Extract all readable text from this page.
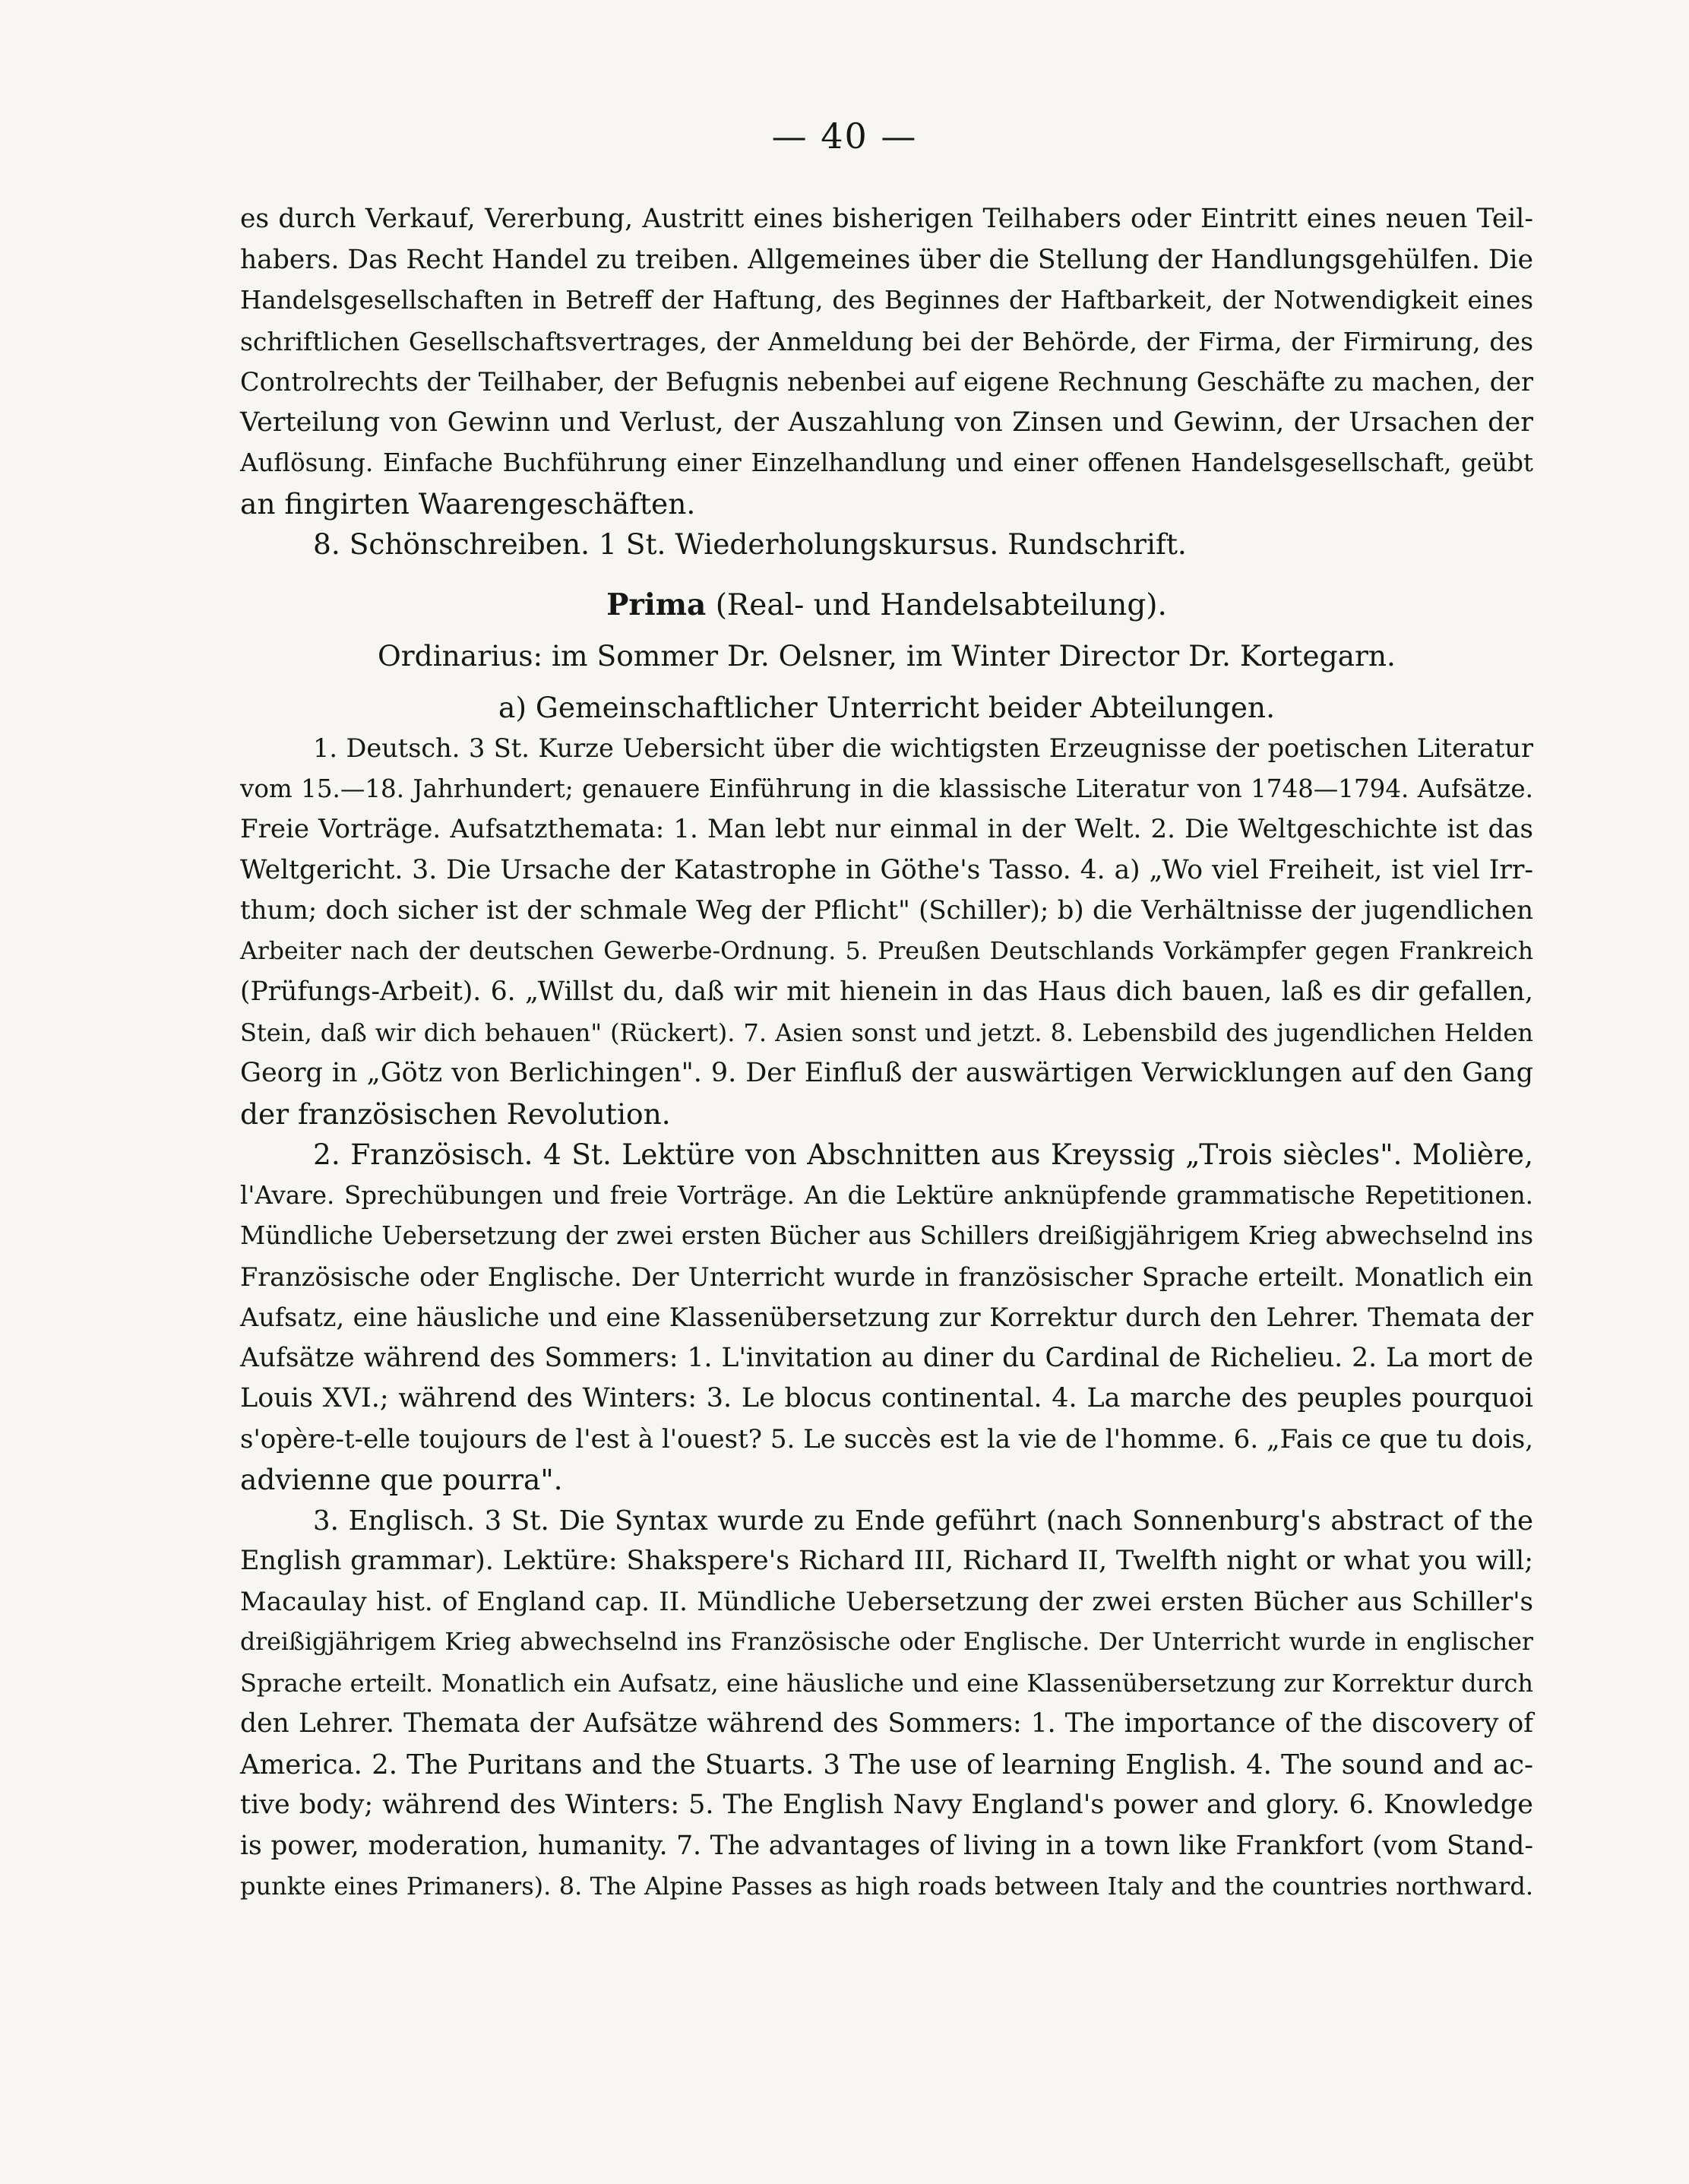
— 40 —
es durch Verkauf, Vererbung, Austritt eines bisherigen Teilhabers oder Eintritt eines neuen Teil-
habers. Das Recht Handel zu treiben. Allgemeines über die Stellung der Handlungsgehülfen. Die
Handelsgesellschaften in Betreff der Haftung, des Beginnes der Haftbarkeit, der Notwendigkeit eines
schriftlichen Gesellschaftsvertrages, der Anmeldung bei der Behörde, der Firma, der Firmirung, des
Controlrechts der Teilhaber, der Befugnis nebenbei auf eigene Rechnung Geschäfte zu machen, der
Verteilung von Gewinn und Verlust, der Auszahlung von Zinsen und Gewinn, der Ursachen der
Auflösung. Einfache Buchführung einer Einzelhandlung und einer offenen Handelsgesellschaft, geübt
an fingirten Waarengeschäften.
8. Schönschreiben. 1 St. Wiederholungskursus. Rundschrift.
Prima (Real- und Handelsabteilung).
Ordinarius: im Sommer Dr. Oelsner, im Winter Director Dr. Kortegarn.
a) Gemeinschaftlicher Unterricht beider Abteilungen.
1. Deutsch. 3 St. Kurze Uebersicht über die wichtigsten Erzeugnisse der poetischen Literatur
vom 15.—18. Jahrhundert; genauere Einführung in die klassische Literatur von 1748—1794. Aufsätze.
Freie Vorträge. Aufsatzthemata: 1. Man lebt nur einmal in der Welt. 2. Die Weltgeschichte ist das
Weltgericht. 3. Die Ursache der Katastrophe in Göthe's Tasso. 4. a) „Wo viel Freiheit, ist viel Irr-
thum; doch sicher ist der schmale Weg der Pflicht" (Schiller); b) die Verhältnisse der jugendlichen
Arbeiter nach der deutschen Gewerbe-Ordnung. 5. Preußen Deutschlands Vorkämpfer gegen Frankreich
(Prüfungs-Arbeit). 6. „Willst du, daß wir mit hienein in das Haus dich bauen, laß es dir gefallen,
Stein, daß wir dich behauen" (Rückert). 7. Asien sonst und jetzt. 8. Lebensbild des jugendlichen Helden
Georg in „Götz von Berlichingen". 9. Der Einfluß der auswärtigen Verwicklungen auf den Gang
der französischen Revolution.
2. Französisch. 4 St. Lektüre von Abschnitten aus Kreyssig „Trois siècles". Molière,
l'Avare. Sprechübungen und freie Vorträge. An die Lektüre anknüpfende grammatische Repetitionen.
Mündliche Uebersetzung der zwei ersten Bücher aus Schillers dreißigjährigem Krieg abwechselnd ins
Französische oder Englische. Der Unterricht wurde in französischer Sprache erteilt. Monatlich ein
Aufsatz, eine häusliche und eine Klassenübersetzung zur Korrektur durch den Lehrer. Themata der
Aufsätze während des Sommers: 1. L'invitation au diner du Cardinal de Richelieu. 2. La mort de
Louis XVI.; während des Winters: 3. Le blocus continental. 4. La marche des peuples pourquoi
s'opère-t-elle toujours de l'est à l'ouest? 5. Le succès est la vie de l'homme. 6. „Fais ce que tu dois,
advienne que pourra".
3. Englisch. 3 St. Die Syntax wurde zu Ende geführt (nach Sonnenburg's abstract of the
English grammar). Lektüre: Shakspere's Richard III, Richard II, Twelfth night or what you will;
Macaulay hist. of England cap. II. Mündliche Uebersetzung der zwei ersten Bücher aus Schiller's
dreißigjährigem Krieg abwechselnd ins Französische oder Englische. Der Unterricht wurde in englischer
Sprache erteilt. Monatlich ein Aufsatz, eine häusliche und eine Klassenübersetzung zur Korrektur durch
den Lehrer. Themata der Aufsätze während des Sommers: 1. The importance of the discovery of
America. 2. The Puritans and the Stuarts. 3 The use of learning English. 4. The sound and ac-
tive body; während des Winters: 5. The English Navy England's power and glory. 6. Knowledge
is power, moderation, humanity. 7. The advantages of living in a town like Frankfort (vom Stand-
punkte eines Primaners). 8. The Alpine Passes as high roads between Italy and the countries northward.
